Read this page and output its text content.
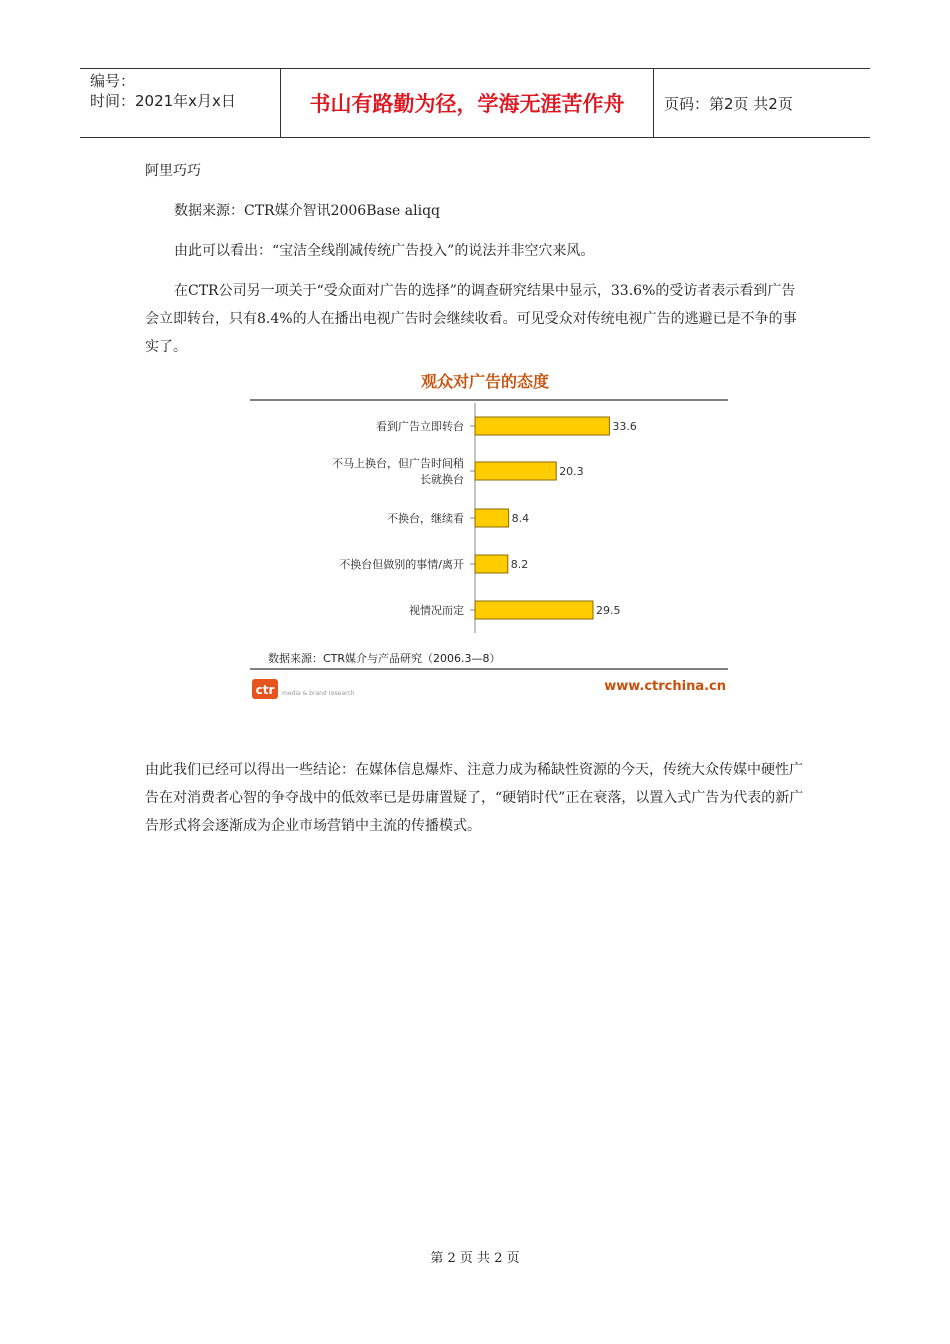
编号：
时间：2021年x月x日	书山有路勤为径，学海无涯苦作舟	页码：第2页 共2页
阿里巧巧
数据来源：CTR媒介智讯2006Base aliqq
由此可以看出：“宝洁全线削减传统广告投入”的说法并非空穴来风。
在CTR公司另一项关于“受众面对广告的选择”的调查研究结果中显示，33.6%的受访者表示看到广告会立即转台，只有8.4%的人在播出电视广告时会继续收看。可见受众对传统电视广告的逃避已是不争的事实了。
观众对广告的态度
33.6
看到广告立即转台
20.3
不马上换台，但广告时间稍
长就换台
8.4
不换台，继续看
8.2
不换台但做别的事情/离开
29.5
视情况而定
数据来源：CTR媒介与产品研究（2006.3—8）
ctr media & brand research	www.ctrchina.cn
由此我们已经可以得出一些结论：在媒体信息爆炸、注意力成为稀缺性资源的今天，传统大众传媒中硬性广告在对消费者心智的争夺战中的低效率已是毋庸置疑了，“硬销时代”正在衰落，以置入式广告为代表的新广告形式将会逐渐成为企业市场营销中主流的传播模式。
第 2 页 共 2 页
